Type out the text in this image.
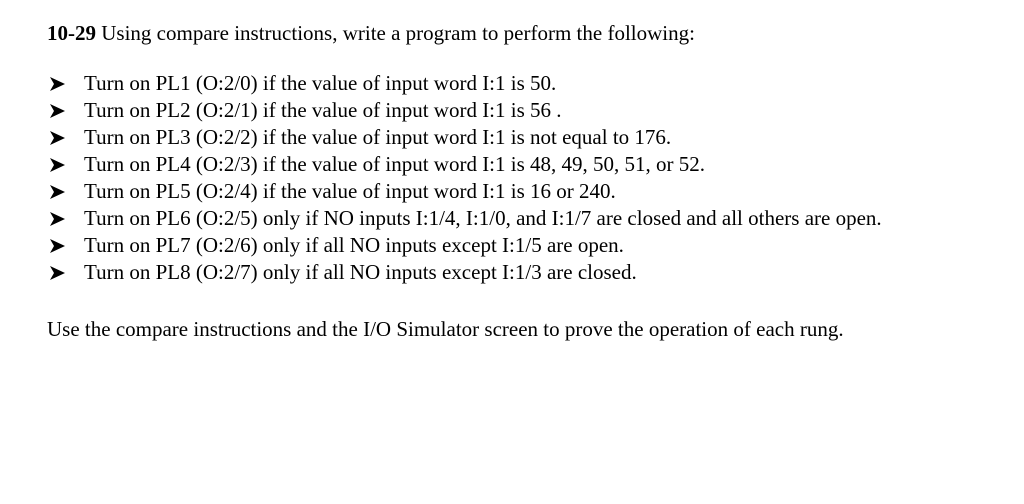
10-29 Using compare instructions, write a program to perform the following:

Turn on PL1 (O:2/0) if the value of input word I:1 is 50.
Turn on PL2 (O:2/1) if the value of input word I:1 is 56 .
Turn on PL3 (O:2/2) if the value of input word I:1 is not equal to 176.
Turn on PL4 (O:2/3) if the value of input word I:1 is 48, 49, 50, 51, or 52.
Turn on PL5 (O:2/4) if the value of input word I:1 is 16 or 240.
Turn on PL6 (O:2/5) only if NO inputs I:1/4, I:1/0, and I:1/7 are closed and all others are open.
Turn on PL7 (O:2/6) only if all NO inputs except I:1/5 are open.
Turn on PL8 (O:2/7) only if all NO inputs except I:1/3 are closed.

Use the compare instructions and the I/O Simulator screen to prove the operation of each rung.
